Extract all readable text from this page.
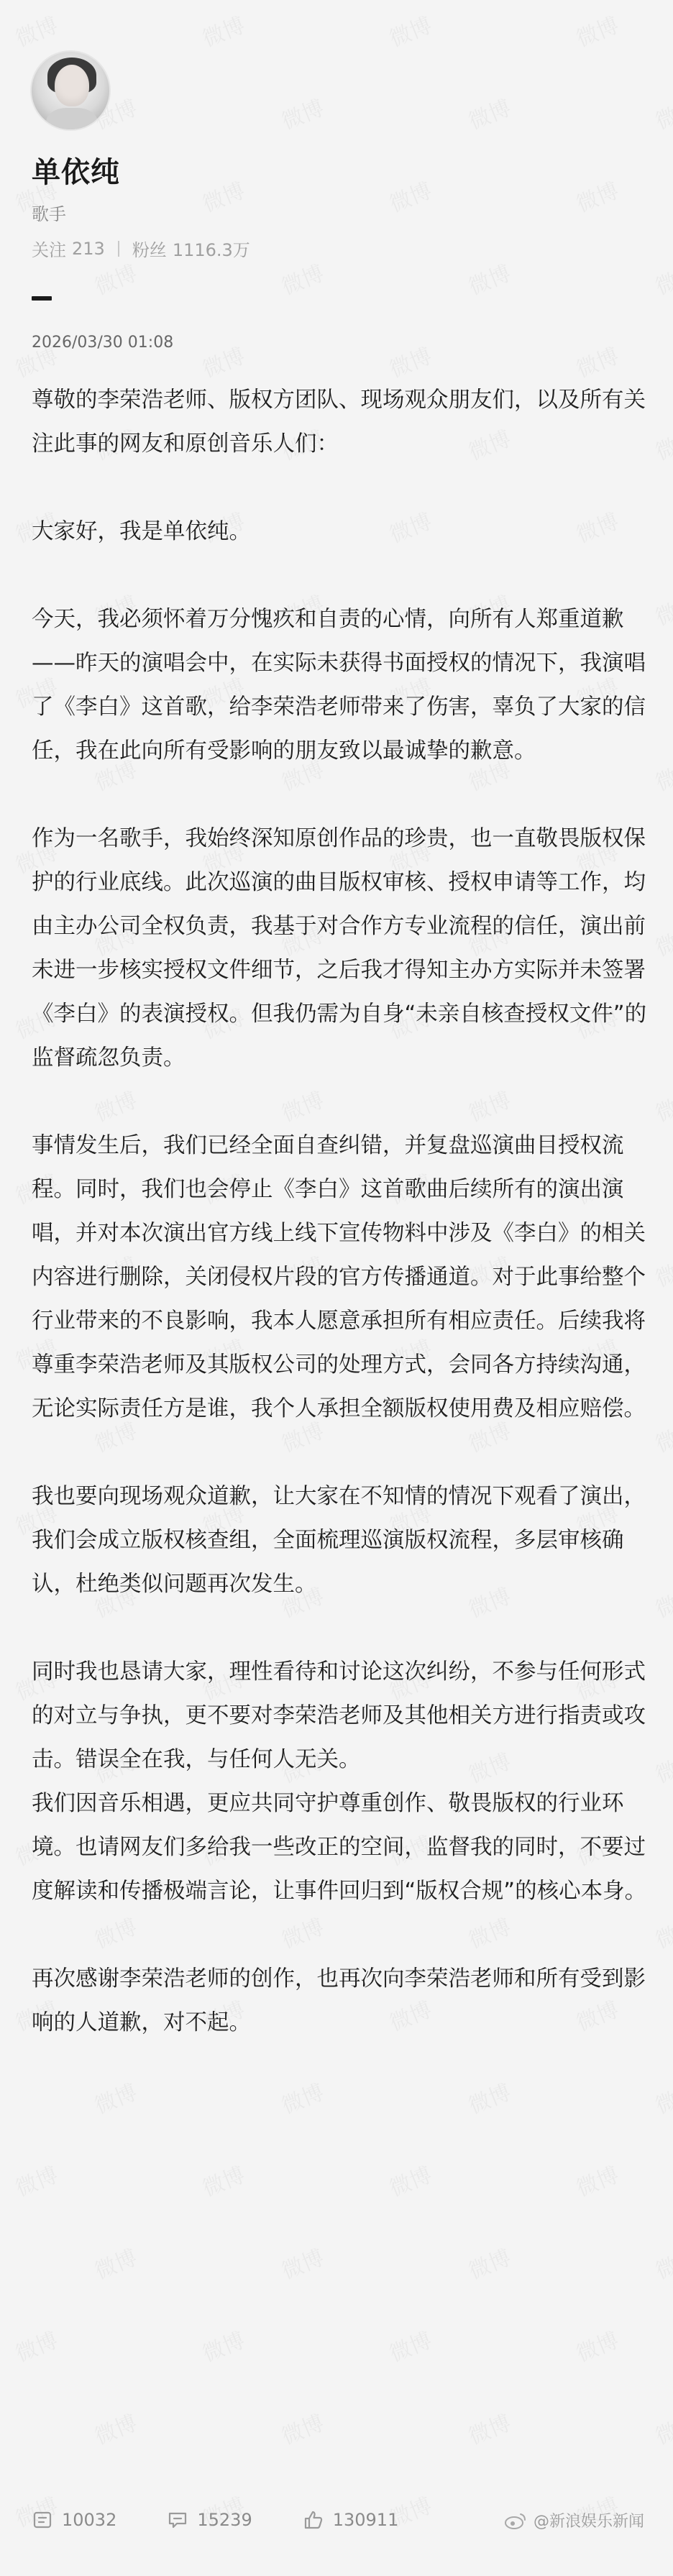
单依纯
歌手
关注 213 粉丝 1116.3万
2026/03/30 01:08

尊敬的李荣浩老师、版权方团队、现场观众朋友们，以及所有关注此事的网友和原创音乐人们：

大家好，我是单依纯。

今天，我必须怀着万分愧疚和自责的心情，向所有人郑重道歉——昨天的演唱会中，在实际未获得书面授权的情况下，我演唱了《李白》这首歌，给李荣浩老师带来了伤害，辜负了大家的信任，我在此向所有受影响的朋友致以最诚挚的歉意。

作为一名歌手，我始终深知原创作品的珍贵，也一直敬畏版权保护的行业底线。此次巡演的曲目版权审核、授权申请等工作，均由主办公司全权负责，我基于对合作方专业流程的信任，演出前未进一步核实授权文件细节，之后我才得知主办方实际并未签署《李白》的表演授权。但我仍需为自身“未亲自核查授权文件”的监督疏忽负责。

事情发生后，我们已经全面自查纠错，并复盘巡演曲目授权流程。同时，我们也会停止《李白》这首歌曲后续所有的演出演唱，并对本次演出官方线上线下宣传物料中涉及《李白》的相关内容进行删除，关闭侵权片段的官方传播通道。对于此事给整个行业带来的不良影响，我本人愿意承担所有相应责任。后续我将尊重李荣浩老师及其版权公司的处理方式，会同各方持续沟通，无论实际责任方是谁，我个人承担全额版权使用费及相应赔偿。

我也要向现场观众道歉，让大家在不知情的情况下观看了演出，我们会成立版权核查组，全面梳理巡演版权流程，多层审核确认，杜绝类似问题再次发生。

同时我也恳请大家，理性看待和讨论这次纠纷，不参与任何形式的对立与争执，更不要对李荣浩老师及其他相关方进行指责或攻击。错误全在我，与任何人无关。

我们因音乐相遇，更应共同守护尊重创作、敬畏版权的行业环境。也请网友们多给我一些改正的空间，监督我的同时，不要过度解读和传播极端言论，让事件回归到“版权合规”的核心本身。

再次感谢李荣浩老师的创作，也再次向李荣浩老师和所有受到影响的人道歉，对不起。

10032	15239	130911	@新浪娱乐新闻
